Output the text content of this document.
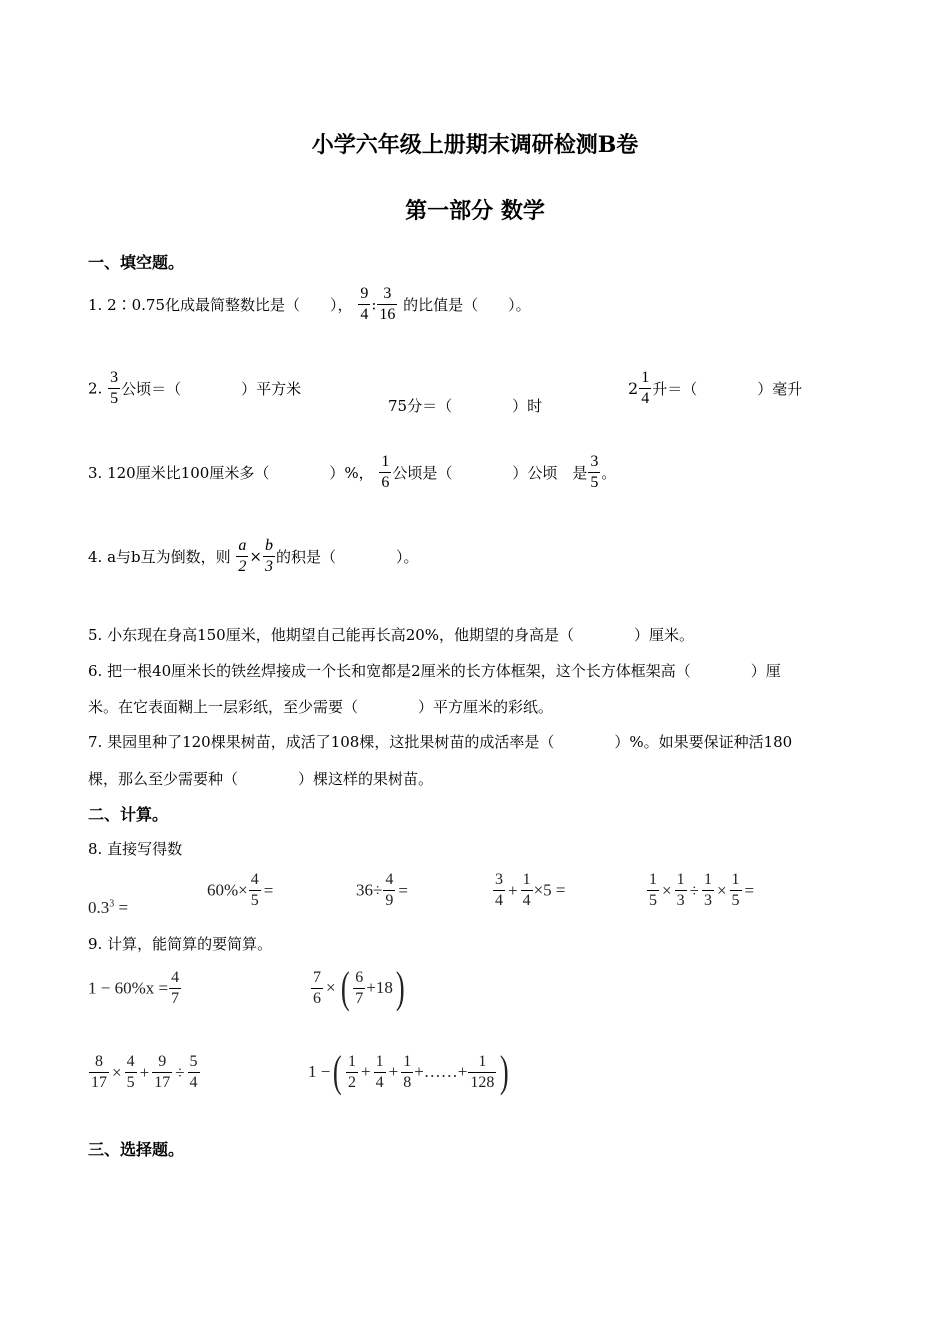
小学六年级上册期末调研检测B卷
第一部分 数学
一、填空题。
1. 2∶0.75化成最简整数比是（　　）， $\frac{9}{4}$ : $\frac{3}{16}$ 的比值是（　　）。
2. $\frac{3}{5}$ 公顷＝（　　　　）平方米
75分＝（　　　　）时
$2 \frac{1}{4}$ 升＝（　　　　）毫升
3. 120厘米比100厘米多（　　　　）%， $\frac{1}{6}$ 公顷是（　　　　）公顷　是 $\frac{3}{5}$ 。
4. a与b互为倒数，则 $\frac{a}{2} \times \frac{b}{3}$ 的积是（　　　　）。
5. 小东现在身高150厘米，他期望自己能再长高20%，他期望的身高是（　　　　）厘米。
6. 把一根40厘米长的铁丝焊接成一个长和宽都是2厘米的长方体框架，这个长方体框架高（　　　　）厘
米。在它表面糊上一层彩纸，至少需要（　　　　）平方厘米的彩纸。
7. 果园里种了120棵果树苗，成活了108棵，这批果树苗的成活率是（　　　　）%。如果要保证种活180
棵，那么至少需要种（　　　　）棵这样的果树苗。
二、计算。
8. 直接写得数
$0.3^3$ =
$60\%\times \frac{4}{5}$ =	$36\div \frac{4}{9}$ =	$\frac{3}{4} + \frac{1}{4} \times 5$ =	$\frac{1}{5} \times \frac{1}{3} \div \frac{1}{3} \times \frac{1}{5}$ =
9. 计算，能简算的要简算。
$1 - 60\%x = \frac{4}{7}$	$\frac{7}{6}$ × ( $\frac{6}{7} +18$)
$\frac{8}{17} \times \frac{4}{5} + \frac{9}{17} \div \frac{5}{4}$	1 −( $\frac{1}{2} + \frac{1}{4} + \frac{1}{8}$ +……+ $\frac{1}{128}$ )
三、选择题。
